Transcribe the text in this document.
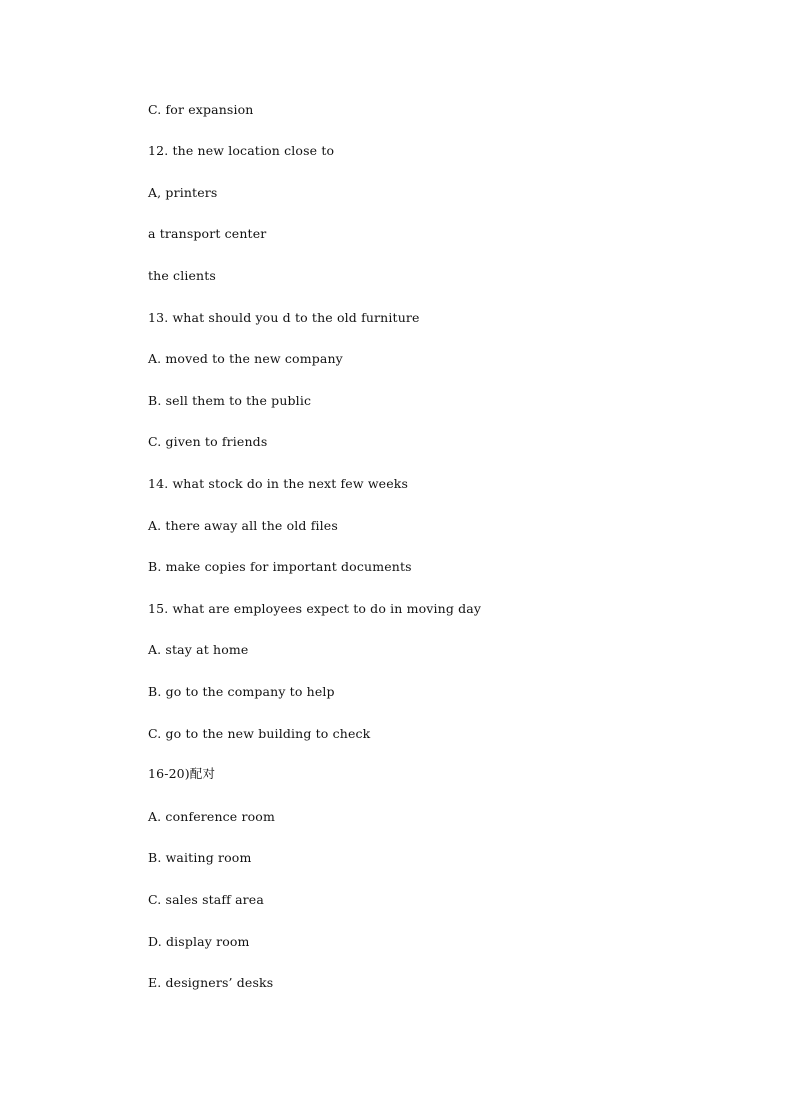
C. for expansion
12. the new location close to
A, printers
a transport center
the clients
13. what should you d to the old furniture
A. moved to the new company
B. sell them to the public
C. given to friends
14. what stock do in the next few weeks
A. there away all the old files
B. make copies for important documents
15. what are employees expect to do in moving day
A. stay at home
B. go to the company to help
C. go to the new building to check
16-20)配对
A. conference room
B. waiting room
C. sales staff area
D. display room
E. designers’ desks
